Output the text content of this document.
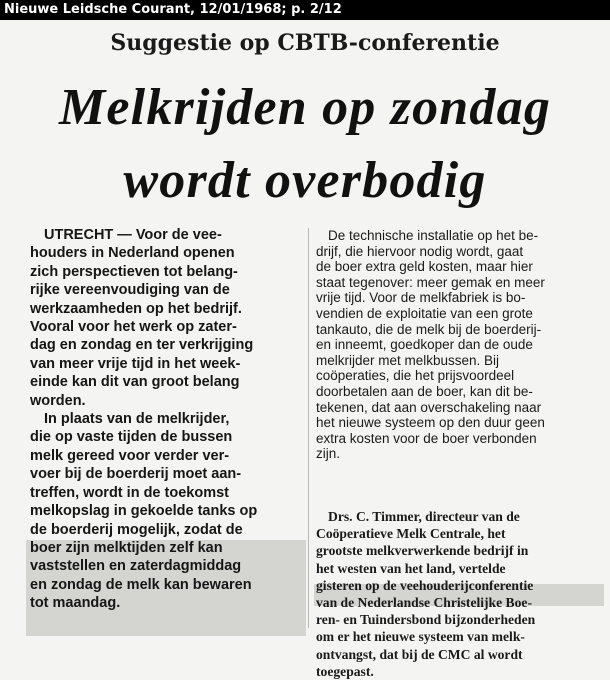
Nieuwe Leidsche Courant, 12/01/1968; p. 2/12
Suggestie op CBTB-conferentie
Melkrijden op zondag
wordt overbodig
UTRECHT — Voor de vee-
houders in Nederland openen
zich perspectieven tot belang-
rijke vereenvoudiging van de
werkzaamheden op het bedrijf.
Vooral voor het werk op zater-
dag en zondag en ter verkrijging
van meer vrije tijd in het week-
einde kan dit van groot belang
worden.
In plaats van de melkrijder,
die op vaste tijden de bussen
melk gereed voor verder ver-
voer bij de boerderij moet aan-
treffen, wordt in de toekomst
melkopslag in gekoelde tanks op
de boerderij mogelijk, zodat de
boer zijn melktijden zelf kan
vaststellen en zaterdagmiddag
en zondag de melk kan bewaren
tot maandag.
De technische installatie op het be-
drijf, die hiervoor nodig wordt, gaat
de boer extra geld kosten, maar hier
staat tegenover: meer gemak en meer
vrije tijd. Voor de melkfabriek is bo-
vendien de exploitatie van een grote
tankauto, die de melk bij de boerderij-
en inneemt, goedkoper dan de oude
melkrijder met melkbussen. Bij
coöperaties, die het prijsvoordeel
doorbetalen aan de boer, kan dit be-
tekenen, dat aan overschakeling naar
het nieuwe systeem op den duur geen
extra kosten voor de boer verbonden
zijn.
Drs. C. Timmer, directeur van de
Coöperatieve Melk Centrale, het
grootste melkverwerkende bedrijf in
het westen van het land, vertelde
gisteren op de veehouderijconferentie
van de Nederlandse Christelijke Boe-
ren- en Tuindersbond bijzonderheden
om er het nieuwe systeem van melk-
ontvangst, dat bij de CMC al wordt
toegepast.
